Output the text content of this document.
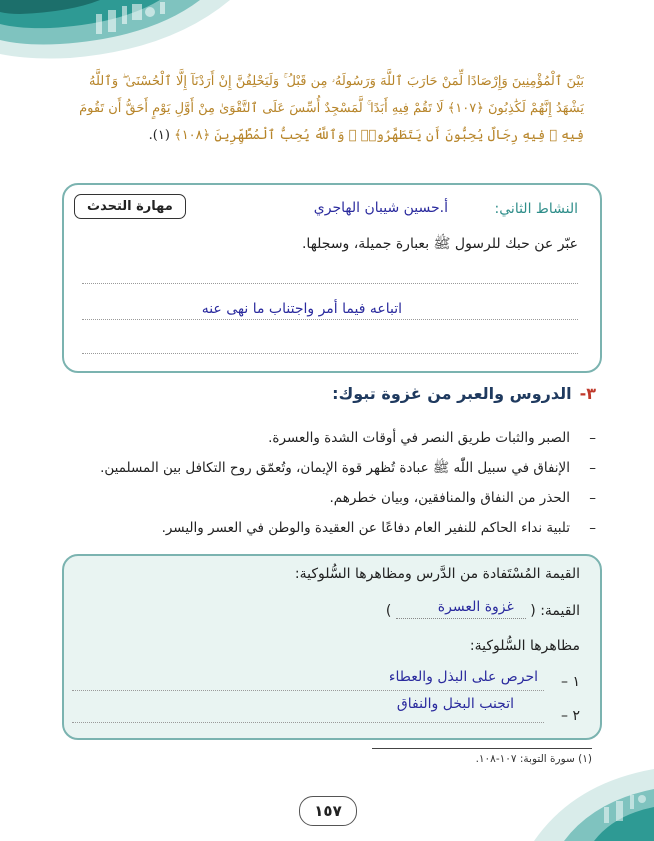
بَيْنَ ٱلْمُؤْمِنِينَ وَإِرْصَادًا لِّمَنْ حَارَبَ ٱللَّهَ وَرَسُولَهُۥ مِن قَبْلُ ۚ وَلَيَحْلِفُنَّ إِنْ أَرَدْنَآ إِلَّا ٱلْحُسْنَىٰ ۖ وَٱللَّهُ
يَشْهَدُ إِنَّهُمْ لَكَٰذِبُونَ ﴿١٠٧﴾ لَا تَقُمْ فِيهِ أَبَدًا ۚ لَّمَسْجِدٌ أُسِّسَ عَلَى ٱلتَّقْوَىٰ مِنْ أَوَّلِ يَوْمٍ أَحَقُّ أَن تَقُومَ
فِيهِ ۚ فِيهِ رِجَالٌ يُحِبُّونَ أَن يَتَطَهَّرُوا۟ ۚ وَٱللَّهُ يُحِبُّ ٱلْمُطَّهِّرِينَ ﴿١٠٨﴾ (١).
النشاط الثاني:
أ.حسين شيبان الهاجري
مهارة التحدث
عبّر عن حبك للرسول ﷺ بعبارة جميلة، وسجلها.
اتباعه فيما أمر واجتناب ما نهى عنه
٣-الدروس والعبر من غزوة تبوك:
–الصبر والثبات طريق النصر في أوقات الشدة والعسرة.
–الإنفاق في سبيل اللّٰه ﷺ عبادة تُظهر قوة الإيمان، وتُعمّق روح التكافل بين المسلمين.
–الحذر من النفاق والمنافقين، وبيان خطرهم.
–تلبية نداء الحاكم للنفير العام دفاعًا عن العقيدة والوطن في العسر واليسر.
القيمة المُسْتَفادة من الدَّرس ومظاهرها السُّلوكية:
القيمة: (
غزوة العسرة
)
مظاهرها السُّلوكية:
١ –
احرص على البذل والعطاء
٢ –
اتجنب البخل والنفاق
(١) سورة التوبة: ١٠٧-١٠٨.
١٥٧
